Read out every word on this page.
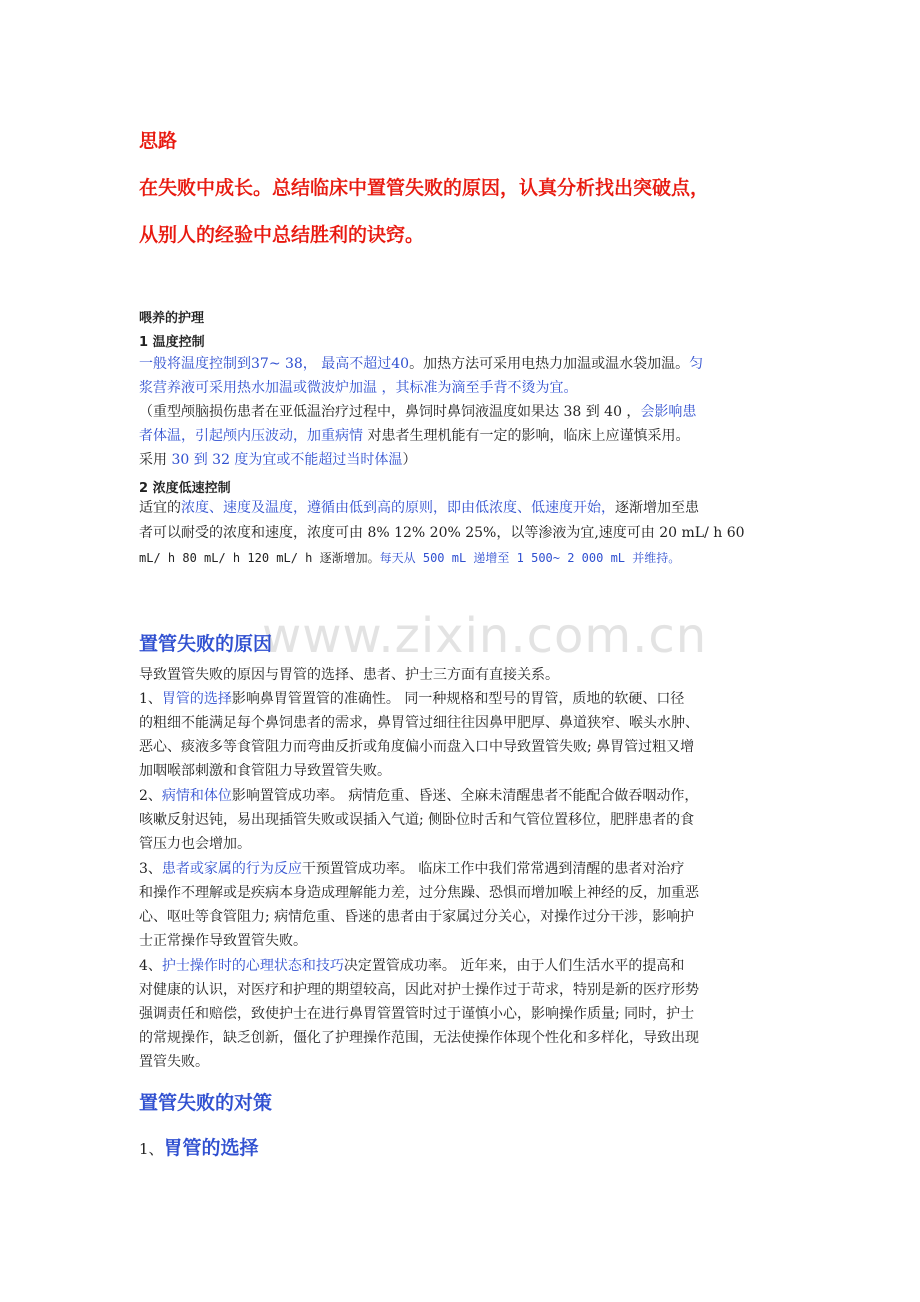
www.zixin.com.cn
思路
在失败中成长。总结临床中置管失败的原因，认真分析找出突破点，
从别人的经验中总结胜利的诀窍。
喂养的护理
1 温度控制
一般将温度控制到37~ 38， 最高不超过40。加热方法可采用电热力加温或温水袋加温。匀
浆营养液可采用热水加温或微波炉加温 ，其标准为滴至手背不烫为宜。
（重型颅脑损伤患者在亚低温治疗过程中，鼻饲时鼻饲液温度如果达 38 到 40 ，会影响患
者体温，引起颅内压波动，加重病情 对患者生理机能有一定的影响，临床上应谨慎采用。
采用 30 到 32 度为宜或不能超过当时体温）
2 浓度低速控制
适宜的浓度、速度及温度，遵循由低到高的原则，即由低浓度、低速度开始，逐渐增加至患
者可以耐受的浓度和速度，浓度可由 8% 12% 20% 25%，以等渗液为宜,速度可由 20 mL/ h 60
mL/ h 80 mL/ h 120 mL/ h 逐渐增加。每天从 500 mL 递增至 1 500~ 2 000 mL 并维持。
置管失败的原因
导致置管失败的原因与胃管的选择、患者、护士三方面有直接关系。
1、胃管的选择影响鼻胃管置管的准确性。 同一种规格和型号的胃管，质地的软硬、口径
的粗细不能满足每个鼻饲患者的需求，鼻胃管过细往往因鼻甲肥厚、鼻道狭窄、喉头水肿、
恶心、痰液多等食管阻力而弯曲反折或角度偏小而盘入口中导致置管失败; 鼻胃管过粗又增
加咽喉部刺激和食管阻力导致置管失败。
2、病情和体位影响置管成功率。 病情危重、昏迷、全麻未清醒患者不能配合做吞咽动作，
咳嗽反射迟钝，易出现插管失败或误插入气道; 侧卧位时舌和气管位置移位，肥胖患者的食
管压力也会增加。
3、患者或家属的行为反应干预置管成功率。 临床工作中我们常常遇到清醒的患者对治疗
和操作不理解或是疾病本身造成理解能力差，过分焦躁、恐惧而增加喉上神经的反，加重恶
心、呕吐等食管阻力; 病情危重、昏迷的患者由于家属过分关心，对操作过分干涉，影响护
士正常操作导致置管失败。
4、护士操作时的心理状态和技巧决定置管成功率。 近年来，由于人们生活水平的提高和
对健康的认识，对医疗和护理的期望较高，因此对护士操作过于苛求，特别是新的医疗形势
强调责任和赔偿，致使护士在进行鼻胃管置管时过于谨慎小心，影响操作质量; 同时，护士
的常规操作，缺乏创新，僵化了护理操作范围，无法使操作体现个性化和多样化，导致出现
置管失败。
置管失败的对策
1、胃管的选择
